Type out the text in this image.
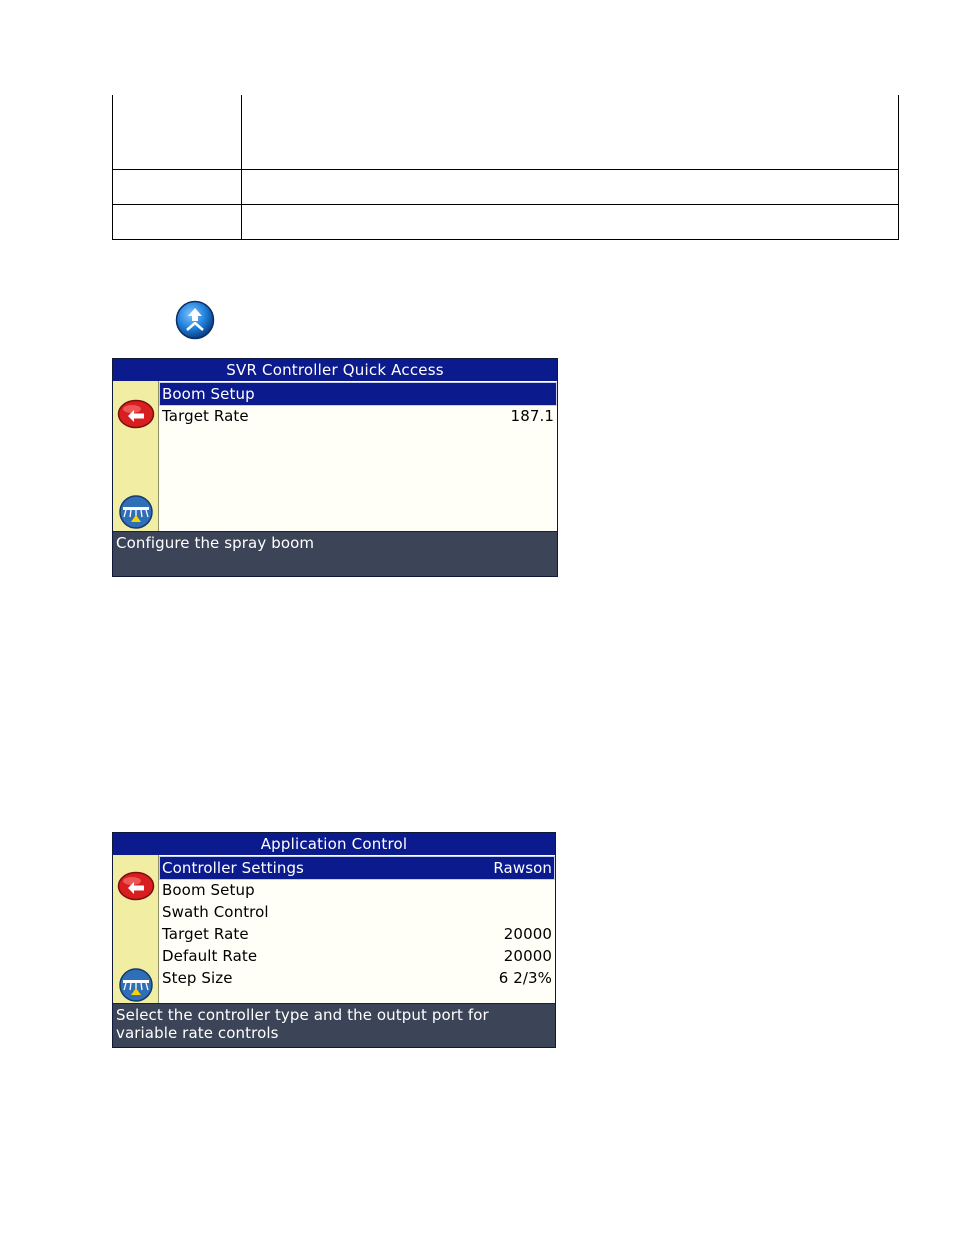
SVR Controller Quick Access
Boom Setup
Target Rate	187.1
Configure the spray boom
Application Control
Controller Settings	Rawson
Boom Setup
Swath Control
Target Rate	20000
Default Rate	20000
Step Size	6 2/3%
Select the controller type and the output port for variable rate controls
